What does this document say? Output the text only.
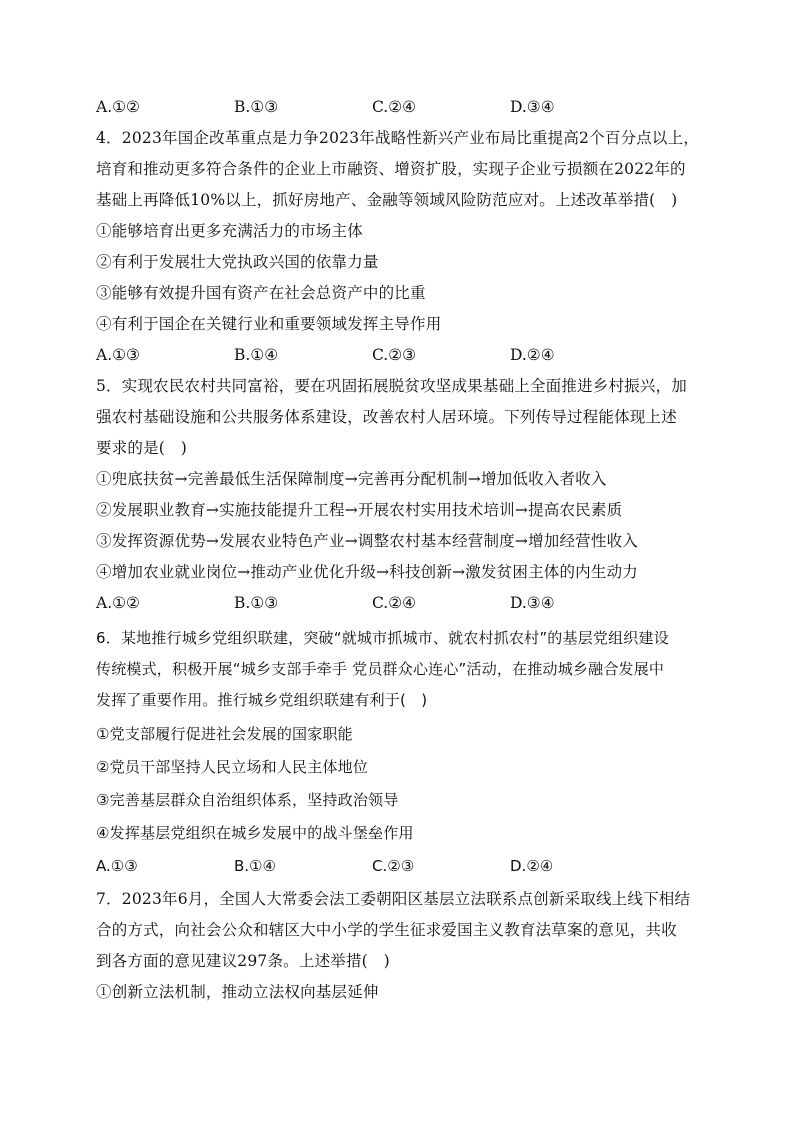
A.①②	B.①③	C.②④	D.③④
4．2023年国企改革重点是力争2023年战略性新兴产业布局比重提高2个百分点以上，
培育和推动更多符合条件的企业上市融资、增资扩股，实现子企业亏损额在2022年的
基础上再降低10%以上，抓好房地产、金融等领域风险防范应对。上述改革举措(　)
①能够培育出更多充满活力的市场主体
②有利于发展壮大党执政兴国的依靠力量
③能够有效提升国有资产在社会总资产中的比重
④有利于国企在关键行业和重要领域发挥主导作用
A.①③	B.①④	C.②③	D.②④
5．实现农民农村共同富裕，要在巩固拓展脱贫攻坚成果基础上全面推进乡村振兴，加
强农村基础设施和公共服务体系建设，改善农村人居环境。下列传导过程能体现上述
要求的是(　)
①兜底扶贫→完善最低生活保障制度→完善再分配机制→增加低收入者收入
②发展职业教育→实施技能提升工程→开展农村实用技术培训→提高农民素质
③发挥资源优势→发展农业特色产业→调整农村基本经营制度→增加经营性收入
④增加农业就业岗位→推动产业优化升级→科技创新→激发贫困主体的内生动力
A.①②	B.①③	C.②④	D.③④
6．某地推行城乡党组织联建，突破“就城市抓城市、就农村抓农村”的基层党组织建设
传统模式，积极开展“城乡支部手牵手 党员群众心连心”活动，在推动城乡融合发展中
发挥了重要作用。推行城乡党组织联建有利于(　)
①党支部履行促进社会发展的国家职能
②党员干部坚持人民立场和人民主体地位
③完善基层群众自治组织体系，坚持政治领导
④发挥基层党组织在城乡发展中的战斗堡垒作用
A.①③	B.①④	C.②③	D.②④
7．2023年6月，全国人大常委会法工委朝阳区基层立法联系点创新采取线上线下相结
合的方式，向社会公众和辖区大中小学的学生征求爱国主义教育法草案的意见，共收
到各方面的意见建议297条。上述举措(　)
①创新立法机制，推动立法权向基层延伸
